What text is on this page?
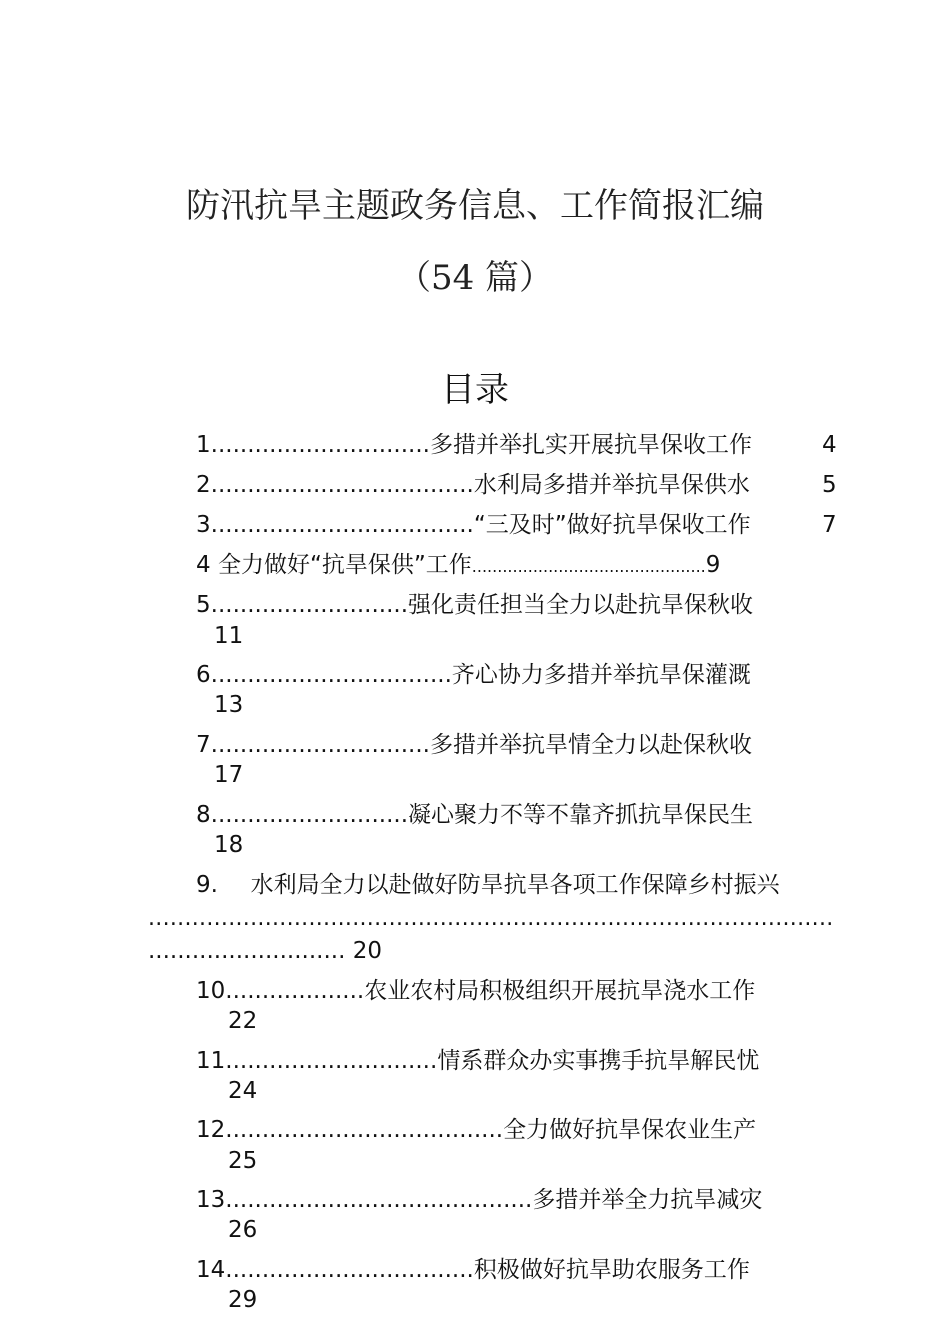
防汛抗旱主题政务信息、工作简报汇编
（54 篇）
目录
1..............................多措并举扎实开展抗旱保收工作	4
2....................................水利局多措并举抗旱保供水	5
3....................................“三及时”做好抗旱保收工作	7
4 全力做好“抗旱保供”工作..............................................9
5...........................强化责任担当全力以赴抗旱保秋收
11
6.................................齐心协力多措并举抗旱保灌溉
13
7..............................多措并举抗旱情全力以赴保秋收
17
8...........................凝心聚力不等不靠齐抓抗旱保民生
18
9. 水利局全力以赴做好防旱抗旱各项工作保障乡村振兴
..............................................................................................
........................... 20
10...................农业农村局积极组织开展抗旱浇水工作
22
11.............................情系群众办实事携手抗旱解民忧
24
12......................................全力做好抗旱保农业生产
25
13..........................................多措并举全力抗旱减灾
26
14..................................积极做好抗旱助农服务工作
29
